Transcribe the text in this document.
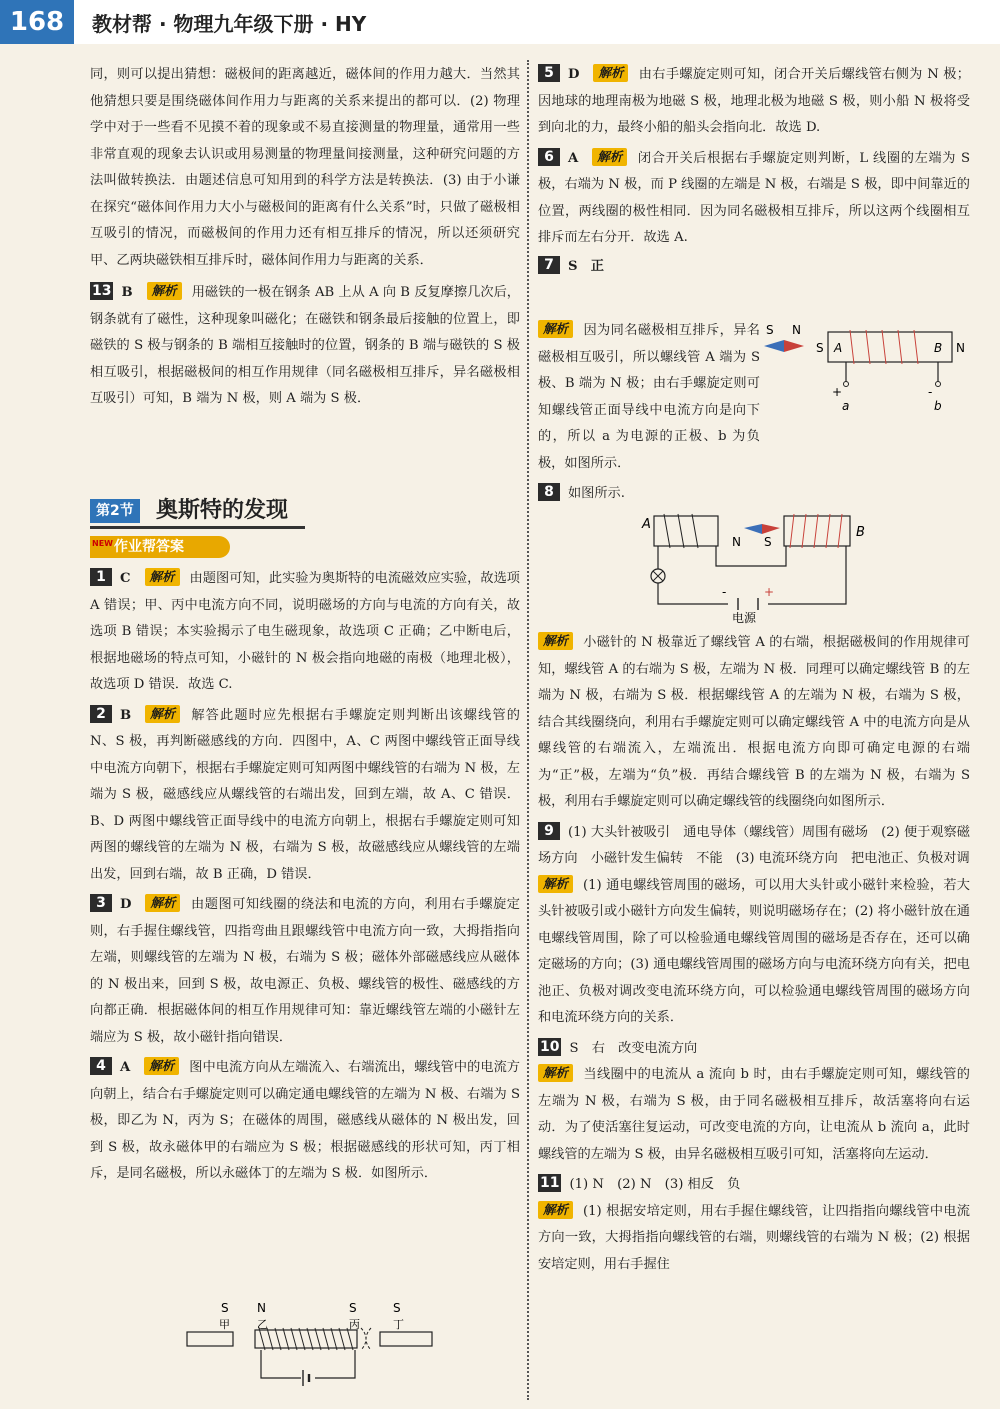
168	教材帮 · 物理九年级下册 · HY

同，则可以提出猜想：磁极间的距离越近，磁体间的作用力越大．当然其他猜想只要是围绕磁体间作用力与距离的关系来提出的都可以．(2) 物理学中对于一些看不见摸不着的现象或不易直接测量的物理量，通常用一些非常直观的现象去认识或用易测量的物理量间接测量，这种研究问题的方法叫做转换法．由题述信息可知用到的科学方法是转换法．(3) 由于小谦在探究“磁体间作用力大小与磁极间的距离有什么关系”时，只做了磁极相互吸引的情况，而磁极间的作用力还有相互排斥的情况，所以还须研究甲、乙两块磁铁相互排斥时，磁体间作用力与距离的关系．

13 B 解析 用磁铁的一极在钢条 AB 上从 A 向 B 反复摩擦几次后，钢条就有了磁性，这种现象叫磁化；在磁铁和钢条最后接触的位置上，即磁铁的 S 极与钢条的 B 端相互接触时的位置，钢条的 B 端与磁铁的 S 极相互吸引，根据磁极间的相互作用规律（同名磁极相互排斥，异名磁极相互吸引）可知，B 端为 N 极，则 A 端为 S 极．

第2节 奥斯特的发现
NEW 作业帮答案

1 C 解析 由题图可知，此实验为奥斯特的电流磁效应实验，故选项 A 错误；甲、丙中电流方向不同，说明磁场的方向与电流的方向有关，故选项 B 错误；本实验揭示了电生磁现象，故选项 C 正确；乙中断电后，根据地磁场的特点可知，小磁针的 N 极会指向地磁的南极（地理北极），故选项 D 错误．故选 C.

2 B 解析 解答此题时应先根据右手螺旋定则判断出该螺线管的 N、S 极，再判断磁感线的方向．四图中，A、C 两图中螺线管正面导线中电流方向朝下，根据右手螺旋定则可知两图中螺线管的右端为 N 极，左端为 S 极，磁感线应从螺线管的右端出发，回到左端，故 A、C 错误．B、D 两图中螺线管正面导线中的电流方向朝上，根据右手螺旋定则可知两图的螺线管的左端为 N 极，右端为 S 极，故磁感线应从螺线管的左端出发，回到右端，故 B 正确，D 错误．

3 D 解析 由题图可知线圈的绕法和电流的方向，利用右手螺旋定则，右手握住螺线管，四指弯曲且跟螺线管中电流方向一致，大拇指指向左端，则螺线管的左端为 N 极，右端为 S 极；磁体外部磁感线应从磁体的 N 极出来，回到 S 极，故电源正、负极、螺线管的极性、磁感线的方向都正确．根据磁体间的相互作用规律可知：靠近螺线管左端的小磁针左端应为 S 极，故小磁针指向错误．

4 A 解析 图中电流方向从左端流入、右端流出，螺线管中的电流方向朝上，结合右手螺旋定则可以确定通电螺线管的左端为 N 极、右端为 S 极，即乙为 N，丙为 S；在磁体的周围，磁感线从磁体的 N 极出发，回到 S 极，故永磁体甲的右端应为 S 极；根据磁感线的形状可知，丙丁相斥，是同名磁极，所以永磁体丁的左端为 S 极．如图所示．

S N	S	S
甲 乙	丙	丁

5 D 解析 由右手螺旋定则可知，闭合开关后螺线管右侧为 N 极；因地球的地理南极为地磁 S 极，地理北极为地磁 S 极，则小船 N 极将受到向北的力，最终小船的船头会指向北．故选 D.

6 A 解析 闭合开关后根据右手螺旋定则判断，L 线圈的左端为 S 极，右端为 N 极，而 P 线圈的左端是 N 极，右端是 S 极，即中间靠近的位置，两线圈的极性相同．因为同名磁极相互排斥，所以这两个线圈相互排斥而左右分开．故选 A.

7 S　正

解析 因为同名磁极相互排斥，异名磁极相互吸引，所以螺线管 A 端为 S 极、B 端为 N 极；由右手螺旋定则可知螺线管正面导线中电流方向是向下的，所以 a 为电源的正极、b 为负极，如图所示．

S N
S A	B N
+	-
a	b

8 如图所示.

A
N S
B
-	+
电源

解析 小磁针的 N 极靠近了螺线管 A 的右端，根据磁极间的作用规律可知，螺线管 A 的右端为 S 极，左端为 N 极．同理可以确定螺线管 B 的左端为 N 极，右端为 S 极．根据螺线管 A 的左端为 N 极，右端为 S 极，结合其线圈绕向，利用右手螺旋定则可以确定螺线管 A 中的电流方向是从螺线管的右端流入，左端流出．根据电流方向即可确定电源的右端为“正”极，左端为“负”极．再结合螺线管 B 的左端为 N 极，右端为 S 极，利用右手螺旋定则可以确定螺线管的线圈绕向如图所示．

9 (1) 大头针被吸引　通电导体（螺线管）周围有磁场　(2) 便于观察磁场方向　小磁针发生偏转　不能　(3) 电流环绕方向　把电池正、负极对调

解析 (1) 通电螺线管周围的磁场，可以用大头针或小磁针来检验，若大头针被吸引或小磁针方向发生偏转，则说明磁场存在；(2) 将小磁针放在通电螺线管周围，除了可以检验通电螺线管周围的磁场是否存在，还可以确定磁场的方向；(3) 通电螺线管周围的磁场方向与电流环绕方向有关，把电池正、负极对调改变电流环绕方向，可以检验通电螺线管周围的磁场方向和电流环绕方向的关系．

10 S　右　改变电流方向

解析 当线圈中的电流从 a 流向 b 时，由右手螺旋定则可知，螺线管的左端为 N 极，右端为 S 极，由于同名磁极相互排斥，故活塞将向右运动．为了使活塞往复运动，可改变电流的方向，让电流从 b 流向 a，此时螺线管的左端为 S 极，由异名磁极相互吸引可知，活塞将向左运动．

11 (1) N　(2) N　(3) 相反　负

解析 (1) 根据安培定则，用右手握住螺线管，让四指指向螺线管中电流方向一致，大拇指指向螺线管的右端，则螺线管的右端为 N 极；(2) 根据安培定则，用右手握住
